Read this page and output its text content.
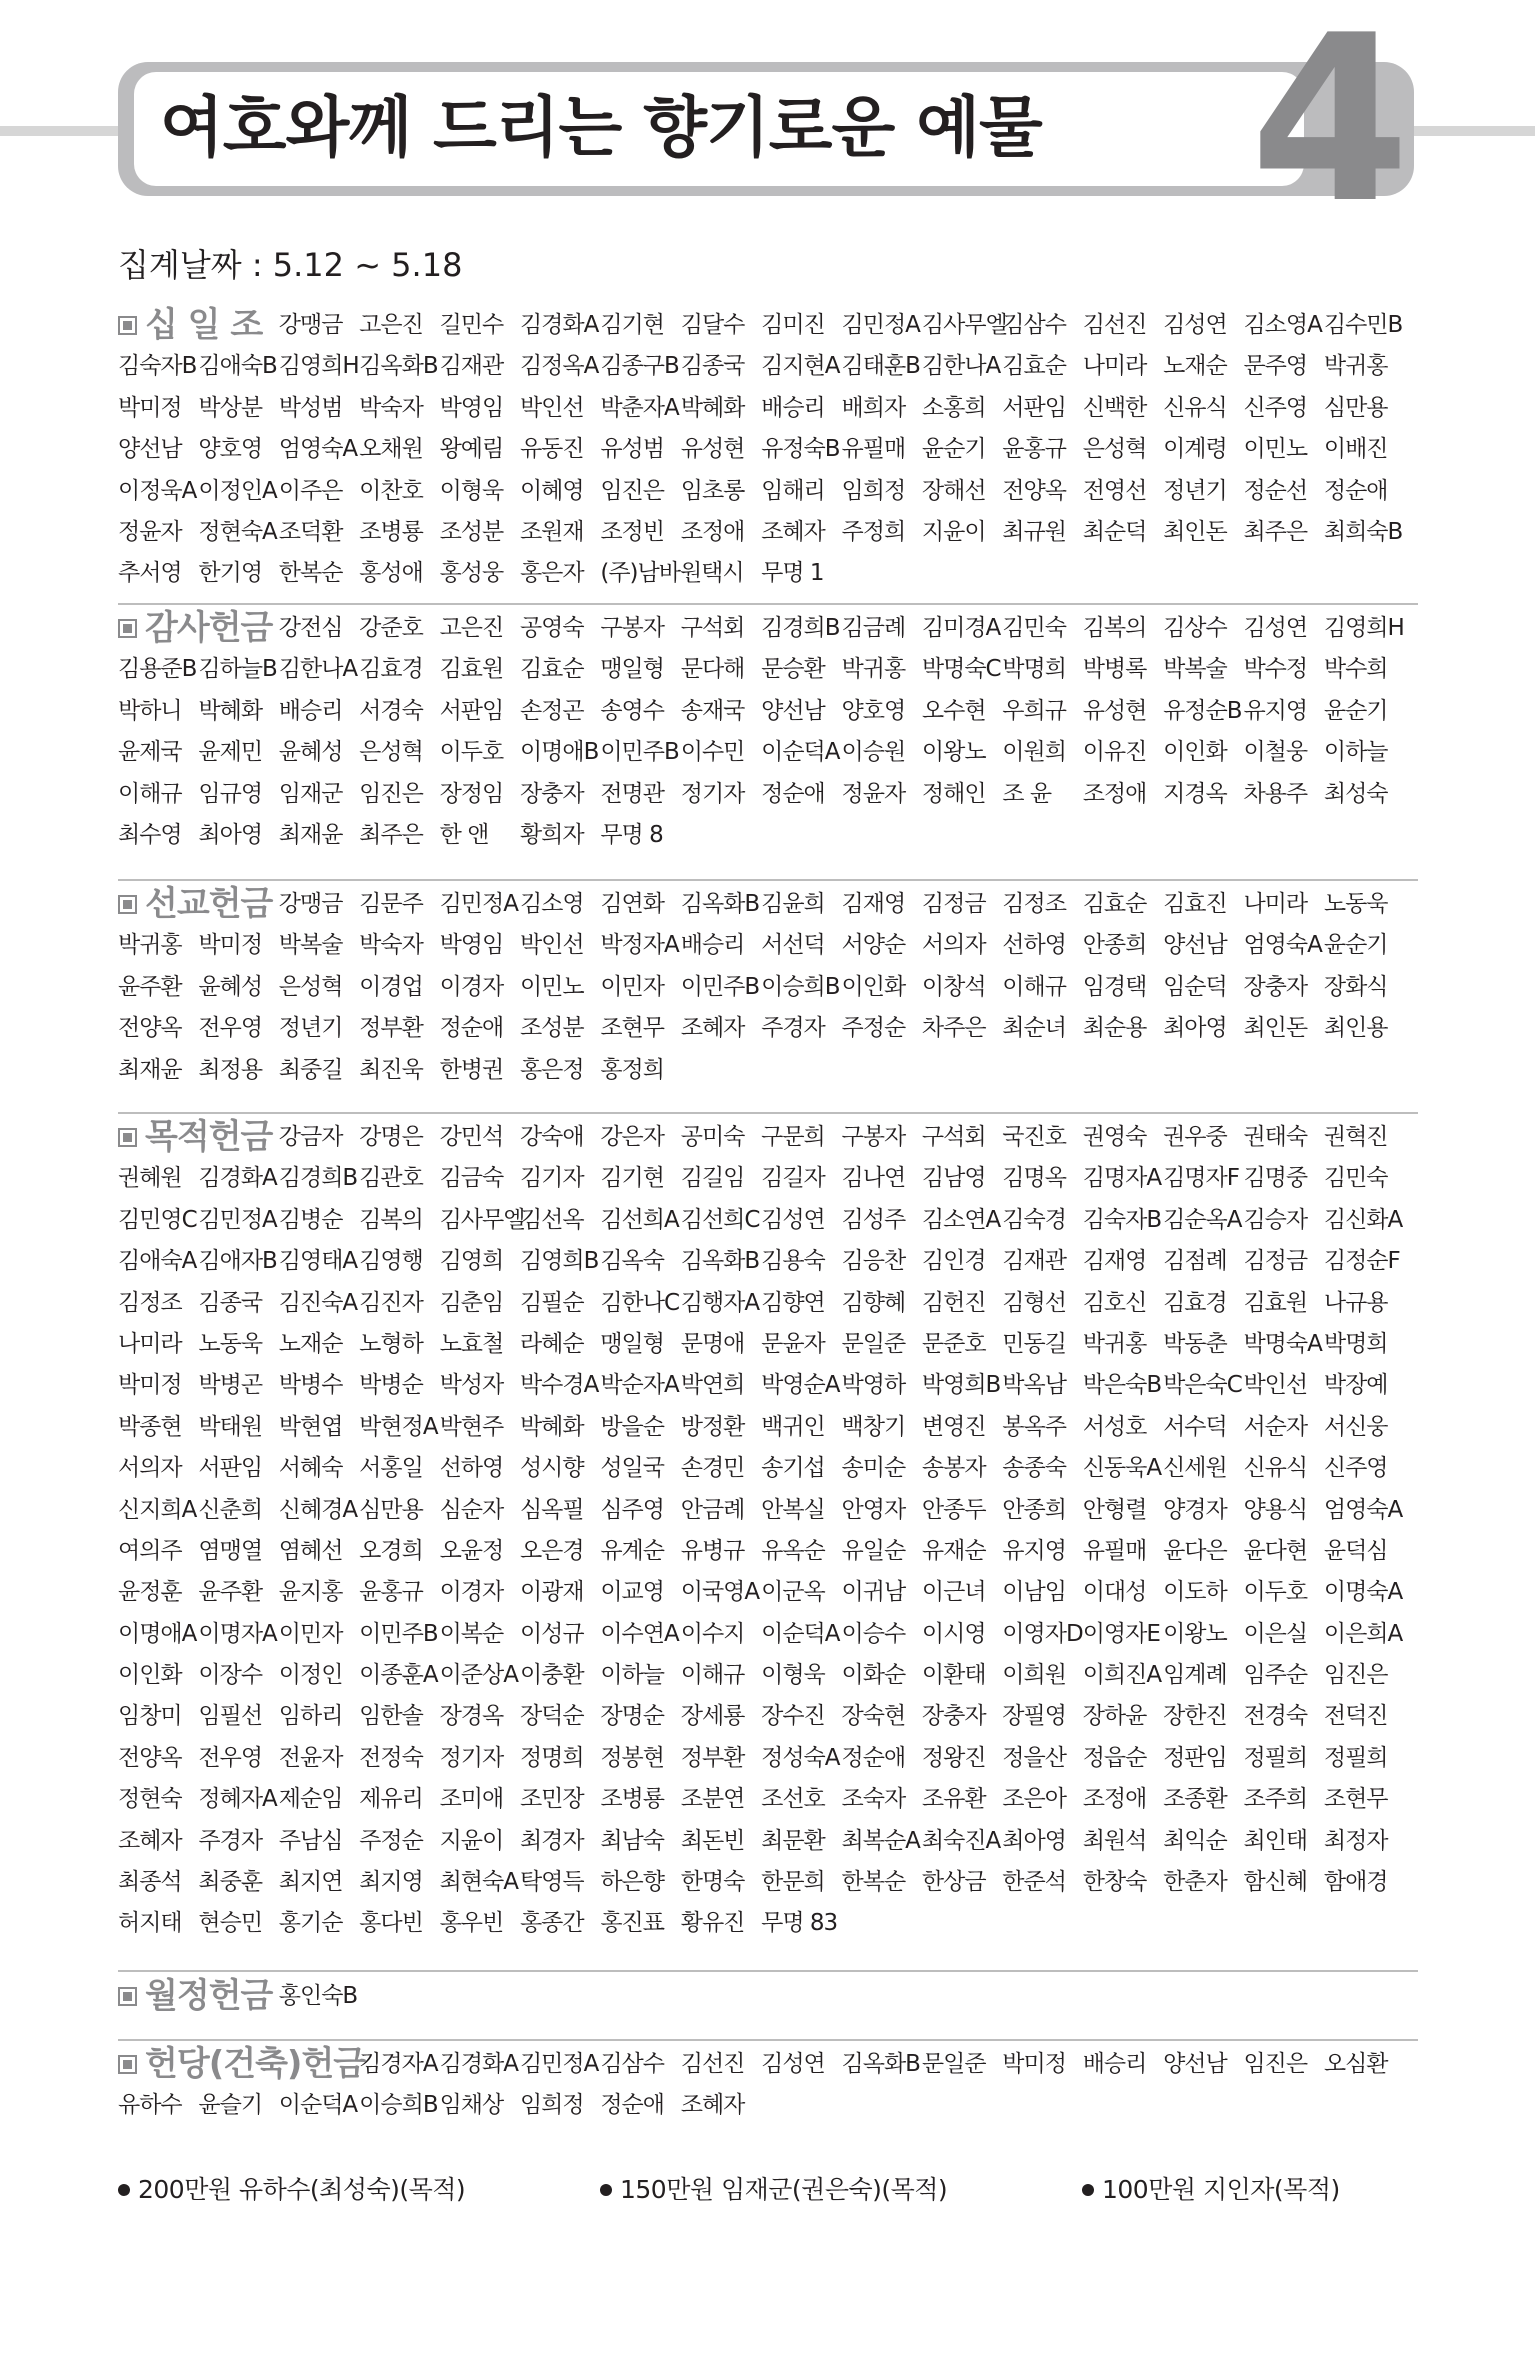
여호와께 드리는 향기로운 예물 4
집계날짜 : 5.12 ~ 5.18
십 일 조 강맹금 고은진 길민수 김경화A 김기현 김달수 김미진 김민정A 김사무엘
김삼수 김선진 김성연 김소영A 김수민B
김숙자B 김애숙B 김영희H 김옥화B 김재관 김정옥A 김종구B 김종국 김지현A 김태훈B 김한나A 김효순 나미라 노재순 문주영 박귀홍
박미정 박상분 박성범 박숙자 박영임 박인선 박춘자A 박혜화 배승리 배희자 소홍희 서판임 신백한 신유식 신주영 심만용
양선남 양호영 엄영숙A 오채원 왕예림 유동진 유성범 유성현 유정숙B 유필매 윤순기 윤홍규 은성혁 이계령 이민노 이배진
이정욱A 이정인A 이주은 이찬호 이형욱 이혜영 임진은 임초롱 임해리 임희정 장해선 전양옥 전영선 정년기 정순선 정순애
정윤자 정현숙A 조덕환 조병룡 조성분 조원재 조정빈 조정애 조혜자 주정희 지윤이 최규원 최순덕 최인돈 최주은 최희숙B
추서영 한기영 한복순 홍성애 홍성웅 홍은자 (주)남바원택시 무명 1
감사헌금 강전심 강준호 고은진 공영숙 구봉자 구석회 김경희B 김금례 김미경A 김민숙 김복의 김상수 김성연 김영희H
김용준B 김하늘B 김한나A 김효경 김효원 김효순 맹일형 문다해 문승환 박귀홍 박명숙C 박명희 박병록 박복술 박수정 박수희
박하니 박혜화 배승리 서경숙 서판임 손정곤 송영수 송재국 양선남 양호영 오수현 우희규 유성현 유정순B 유지영 윤순기
윤제국 윤제민 윤혜성 은성혁 이두호 이명애B 이민주B 이수민 이순덕A 이승원 이왕노 이원희 이유진 이인화 이철웅 이하늘
이해규 임규영 임재군 임진은 장정임 장충자 전명관 정기자 정순애 정윤자 정해인 조 윤	조정애 지경옥 차용주 최성숙
최수영 최아영 최재윤 최주은 한 앤	황희자 무명 8
선교헌금 강맹금 김문주 김민정A 김소영 김연화 김옥화B 김윤희 김재영 김정금 김정조 김효순 김효진 나미라 노동욱
박귀홍 박미정 박복술 박숙자 박영임 박인선 박정자A 배승리 서선덕 서양순 서의자 선하영 안종희 양선남 엄영숙A 윤순기
윤주환 윤혜성 은성혁 이경업 이경자 이민노 이민자 이민주B 이승희B 이인화 이창석 이해규 임경택 임순덕 장충자 장화식
전양옥 전우영 정년기 정부환 정순애 조성분 조현무 조혜자 주경자 주정순 차주은 최순녀 최순용 최아영 최인돈 최인용
최재윤 최정용 최중길 최진욱 한병권 홍은정 홍정희
목적헌금 강금자 강명은 강민석 강숙애 강은자 공미숙 구문희 구봉자 구석회 국진호 권영숙 권우중 권태숙 권혁진
권혜원 김경화A 김경희B 김관호 김금숙 김기자 김기현 김길임 김길자 김나연 김남영 김명옥 김명자A 김명자F 김명중 김민숙
김민영C 김민정A 김병순 김복의 김사무엘
김선옥 김선희A 김선희C 김성연 김성주 김소연A 김숙경 김숙자B 김순옥A 김승자 김신화A
김애숙A 김애자B 김영태A 김영행 김영희 김영희B 김옥숙 김옥화B 김용숙 김응찬 김인경 김재관 김재영 김점례 김정금 김정순F
김정조 김종국 김진숙A 김진자 김춘임 김필순 김한나C 김행자A 김향연 김향혜 김헌진 김형선 김호신 김효경 김효원 나규용
나미라 노동욱 노재순 노형하 노효철 라혜순 맹일형 문명애 문윤자 문일준 문준호 민동길 박귀홍 박동춘 박명숙A 박명희
박미정 박병곤 박병수 박병순 박성자 박수경A 박순자A 박연희 박영순A 박영하 박영희B 박옥남 박은숙B 박은숙C 박인선 박장예
박종현 박태원 박현엽 박현정A 박현주 박혜화 방을순 방정환 백귀인 백창기 변영진 봉옥주 서성호 서수덕 서순자 서신웅
서의자 서판임 서혜숙 서홍일 선하영 성시향 성일국 손경민 송기섭 송미순 송봉자 송종숙 신동욱A 신세원 신유식 신주영
신지희A 신춘희 신혜경A 심만용 심순자 심옥필 심주영 안금례 안복실 안영자 안종두 안종희 안형렬 양경자 양용식 엄영숙A
여의주 염맹열 염혜선 오경희 오윤정 오은경 유계순 유병규 유옥순 유일순 유재순 유지영 유필매 윤다은 윤다현 윤덕심
윤정훈 윤주환 윤지홍 윤홍규 이경자 이광재 이교영 이국영A 이군옥 이귀남 이근녀 이남임 이대성 이도하 이두호 이명숙A
이명애A 이명자A 이민자 이민주B 이복순 이성규 이수연A 이수지 이순덕A 이승수 이시영 이영자D 이영자E 이왕노 이은실 이은희A
이인화 이장수 이정인 이종훈A 이준상A 이충환 이하늘 이해규 이형욱 이화순 이환태 이희원 이희진A 임계례 임주순 임진은
임창미 임필선 임하리 임한솔 장경옥 장덕순 장명순 장세룡 장수진 장숙현 장충자 장필영 장하윤 장한진 전경숙 전덕진
전양옥 전우영 전윤자 전정숙 정기자 정명희 정봉현 정부환 정성숙A 정순애 정왕진 정을산 정읍순 정판임 정필희 정필희
정현숙 정혜자A 제순임 제유리 조미애 조민장 조병룡 조분연 조선호 조숙자 조유환 조은아 조정애 조종환 조주희 조현무
조혜자 주경자 주남심 주정순 지윤이 최경자 최남숙 최돈빈 최문환 최복순A 최숙진A 최아영 최원석 최익순 최인태 최정자
최종석 최중훈 최지연 최지영 최현숙A 탁영득 하은향 한명숙 한문희 한복순 한상금 한준석 한창숙 한춘자 함신혜 함애경
허지태 현승민 홍기순 홍다빈 홍우빈 홍종간 홍진표 황유진 무명 83
월정헌금 홍인숙B
헌당(건축)헌금
김경자A 김경화A 김민정A 김삼수 김선진 김성연 김옥화B 문일준 박미정 배승리 양선남 임진은 오심환
유하수 윤슬기 이순덕A 이승희B 임채상 임희정 정순애 조혜자
200만원 유하수(최성숙)(목적)	150만원 임재군(권은숙)(목적)	100만원 지인자(목적)
